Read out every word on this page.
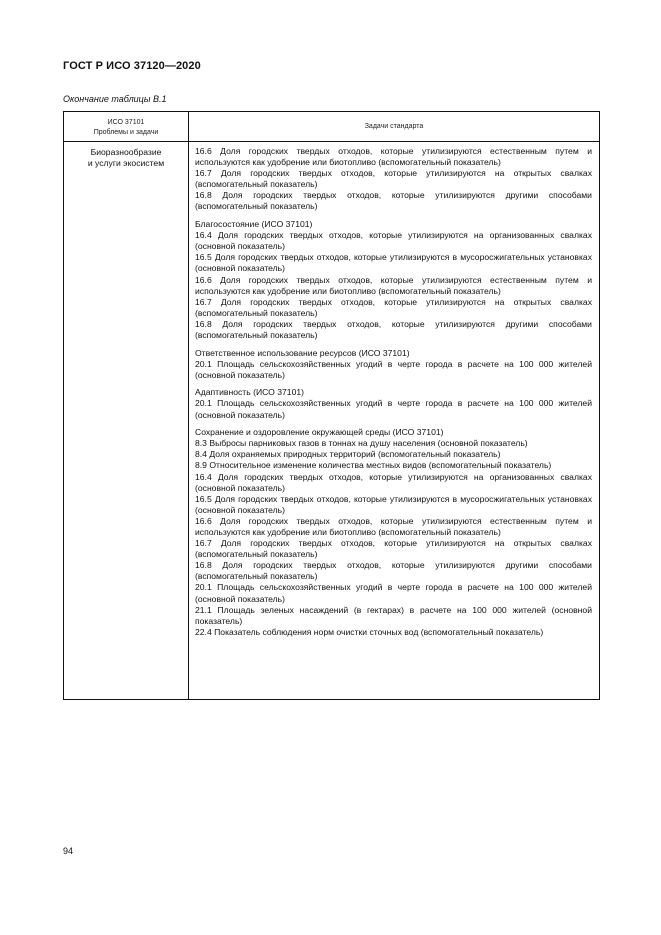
ГОСТ Р ИСО 37120—2020
Окончание таблицы В.1
ИСО 37101
Проблемы и задачи
Задачи стандарта
Биоразнообразие
и услуги экосистем
16.6 Доля городских твердых отходов, которые утилизируются естественным путем и используются как удобрение или биотопливо (вспомогательный показатель)
16.7 Доля городских твердых отходов, которые утилизируются на открытых свалках (вспомогательный показатель)
16.8 Доля городских твердых отходов, которые утилизируются другими способами (вспомогательный показатель)
Благосостояние (ИСО 37101)
16.4 Доля городских твердых отходов, которые утилизируются на организованных свалках (основной показатель)
16.5 Доля городских твердых отходов, которые утилизируются в мусоросжигательных установках (основной показатель)
16.6 Доля городских твердых отходов, которые утилизируются естественным путем и используются как удобрение или биотопливо (вспомогательный показатель)
16.7 Доля городских твердых отходов, которые утилизируются на открытых свалках (вспомогательный показатель)
16.8 Доля городских твердых отходов, которые утилизируются другими способами (вспомогательный показатель)
Ответственное использование ресурсов (ИСО 37101)
20.1 Площадь сельскохозяйственных угодий в черте города в расчете на 100 000 жителей (основной показатель)
Адаптивность (ИСО 37101)
20.1 Площадь сельскохозяйственных угодий в черте города в расчете на 100 000 жителей (основной показатель)
Сохранение и оздоровление окружающей среды (ИСО 37101)
8.3 Выбросы парниковых газов в тоннах на душу населения (основной показатель)
8.4 Доля охраняемых природных территорий (вспомогательный показатель)
8.9 Относительное изменение количества местных видов (вспомогательный показатель)
16.4 Доля городских твердых отходов, которые утилизируются на организованных свалках (основной показатель)
16.5 Доля городских твердых отходов, которые утилизируются в мусоросжигательных установках (основной показатель)
16.6 Доля городских твердых отходов, которые утилизируются естественным путем и используются как удобрение или биотопливо (вспомогательный показатель)
16.7 Доля городских твердых отходов, которые утилизируются на открытых свалках (вспомогательный показатель)
16.8 Доля городских твердых отходов, которые утилизируются другими способами (вспомогательный показатель)
20.1 Площадь сельскохозяйственных угодий в черте города в расчете на 100 000 жителей (основной показатель)
21.1 Площадь зеленых насаждений (в гектарах) в расчете на 100 000 жителей (основной показатель)
22.4 Показатель соблюдения норм очистки сточных вод (вспомогательный показатель)
94
